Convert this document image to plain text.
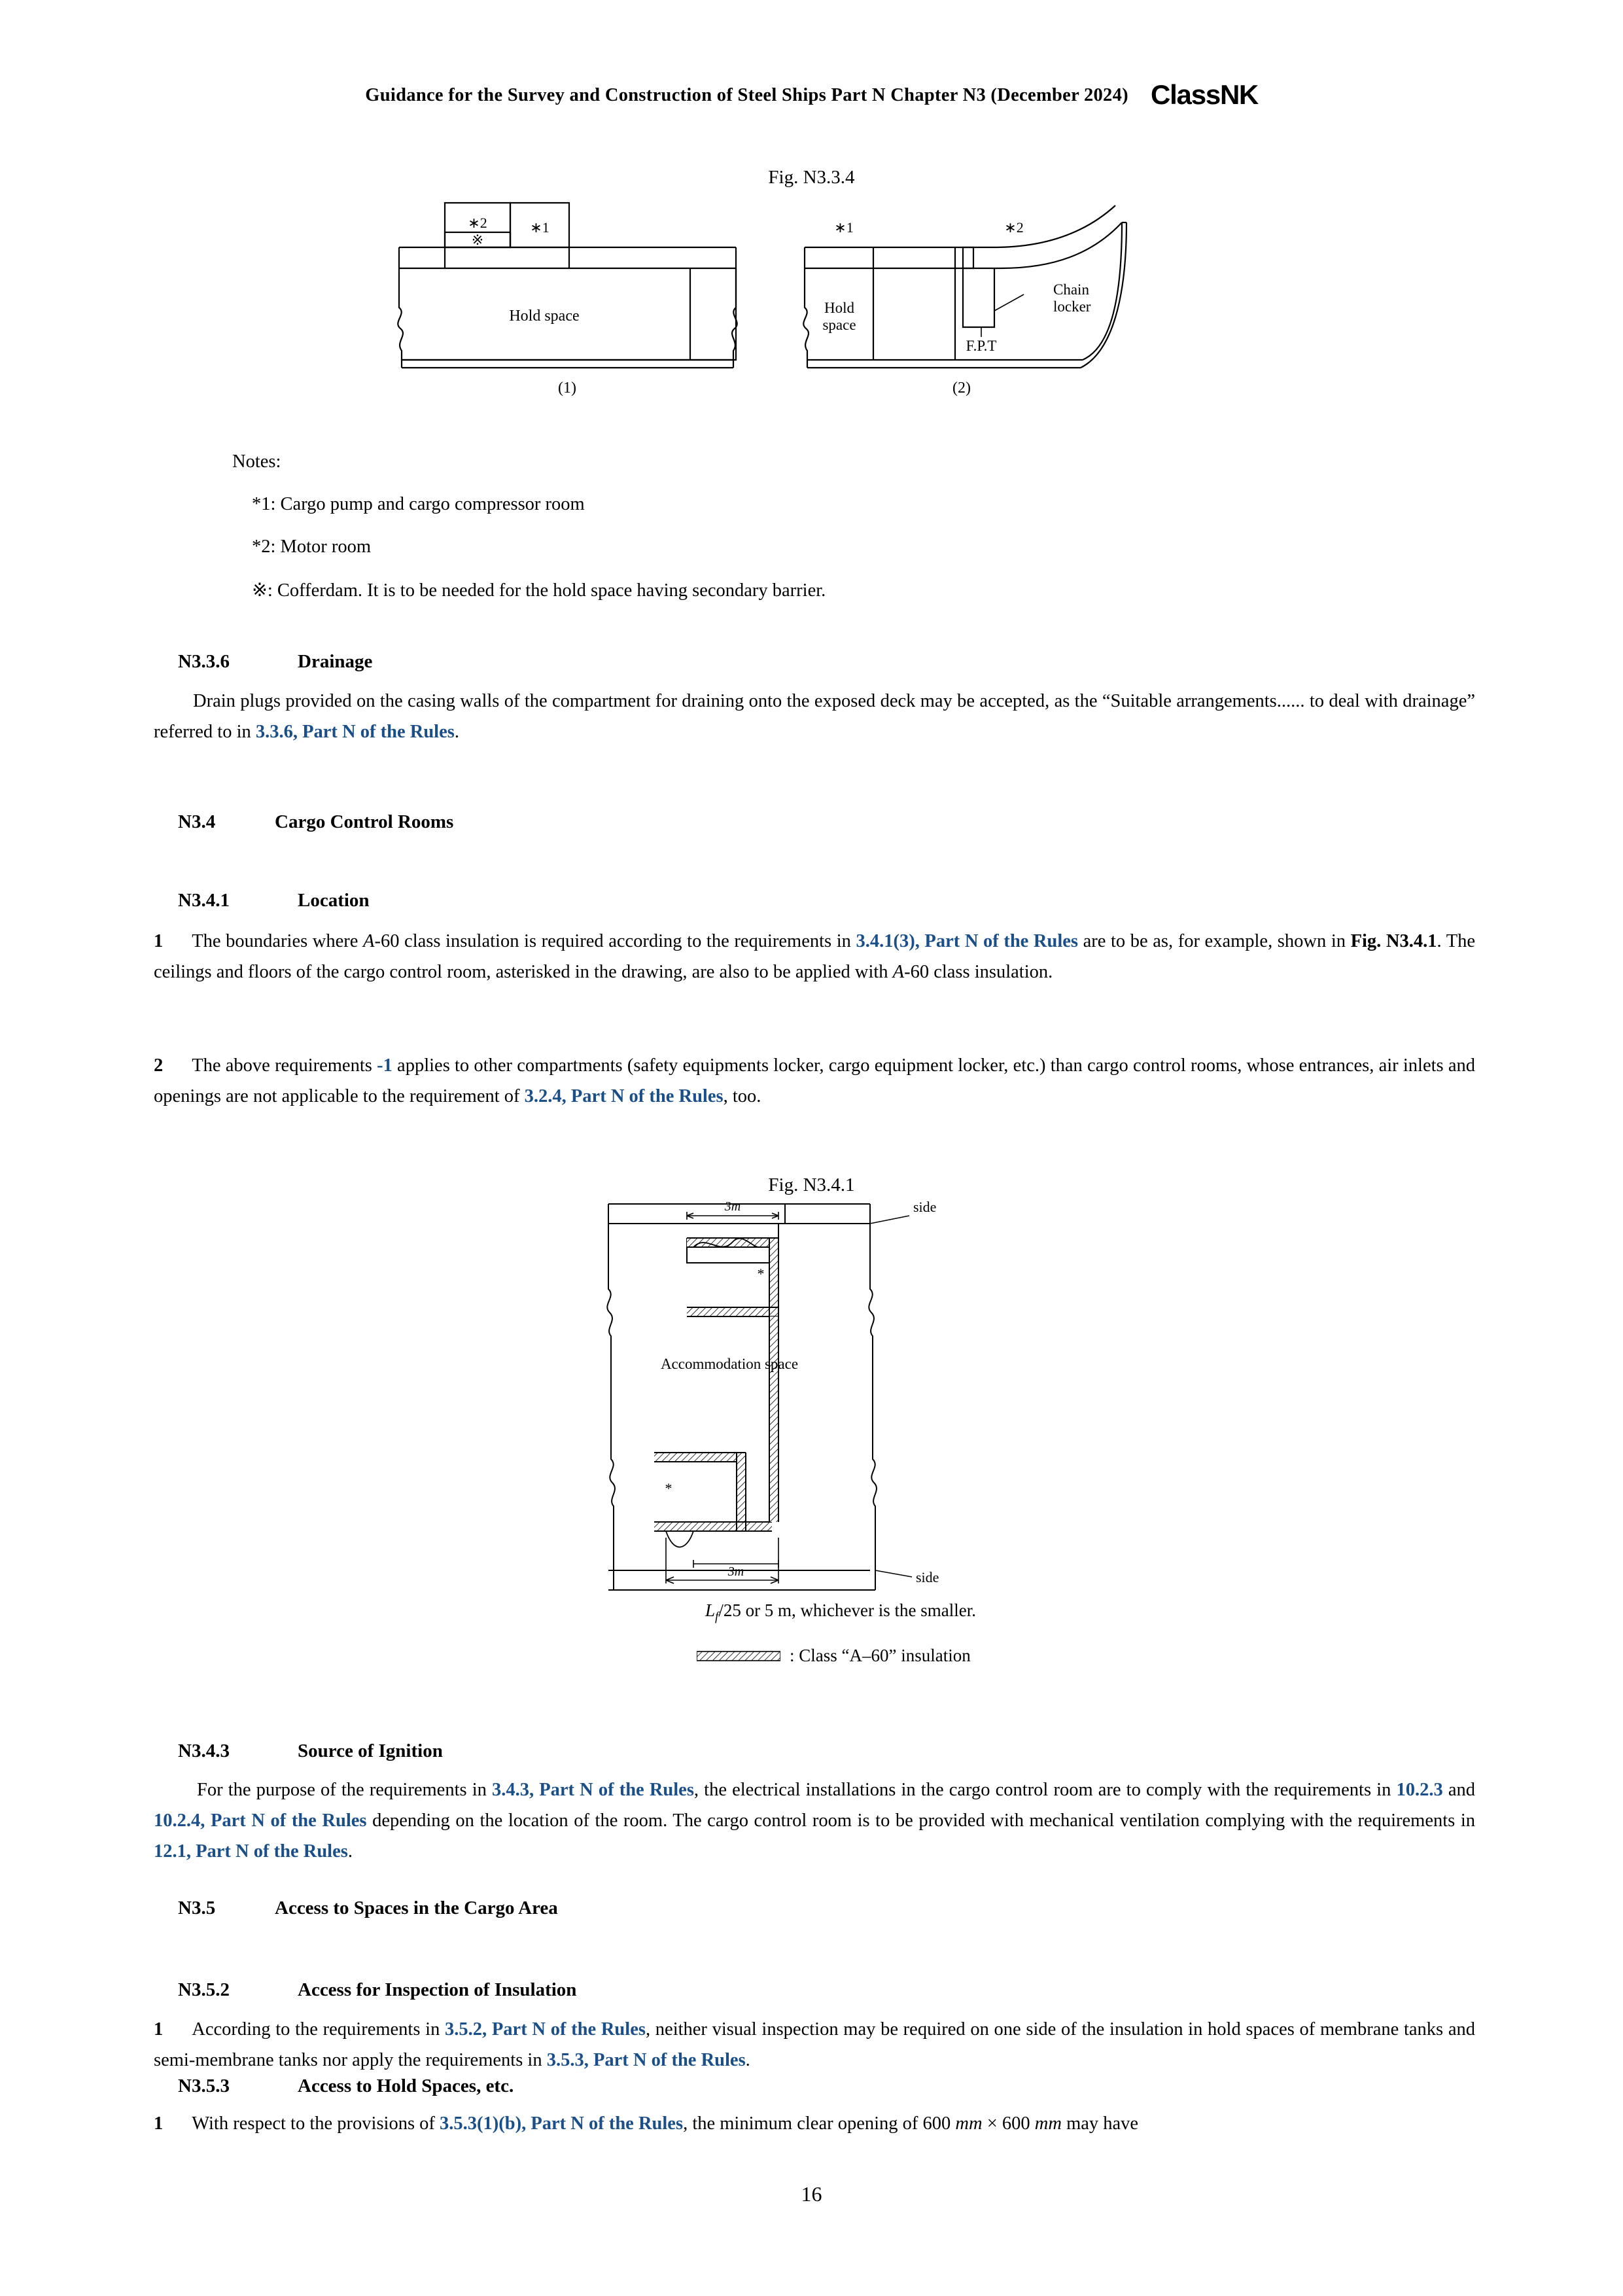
Guidance for the Survey and Construction of Steel Ships Part N Chapter N3 (December 2024) ClassNK
Fig. N3.3.4
∗2	∗1
※
Hold space
(1)
∗1	∗2
Hold
space
Chain
locker
F.P.T
(2)
Notes:
*1: Cargo pump and cargo compressor room
*2: Motor room
※: Cofferdam. It is to be needed for the hold space having secondary barrier.
N3.3.6	Drainage
Drain plugs provided on the casing walls of the compartment for draining onto the exposed deck may be accepted, as the “Suitable arrangements...... to deal with drainage” referred to in 3.3.6, Part N of the Rules.
N3.4	Cargo Control Rooms
N3.4.1	Location
1 The boundaries where A-60 class insulation is required according to the requirements in 3.4.1(3), Part N of the Rules are to be as, for example, shown in Fig. N3.4.1. The ceilings and floors of the cargo control room, asterisked in the drawing, are also to be applied with A-60 class insulation.
2 The above requirements -1 applies to other compartments (safety equipments locker, cargo equipment locker, etc.) than cargo control rooms, whose entrances, air inlets and openings are not applicable to the requirement of 3.2.4, Part N of the Rules, too.
Fig. N3.4.1
3m
3m
*
*
Accommodation space
side
side
$L_f/25$ or 5 m, whichever is the smaller.
: Class “A–60” insulation
N3.4.3	Source of Ignition
For the purpose of the requirements in 3.4.3, Part N of the Rules, the electrical installations in the cargo control room are to comply with the requirements in 10.2.3 and 10.2.4, Part N of the Rules depending on the location of the room. The cargo control room is to be provided with mechanical ventilation complying with the requirements in 12.1, Part N of the Rules.
N3.5	Access to Spaces in the Cargo Area
N3.5.2	Access for Inspection of Insulation
1 According to the requirements in 3.5.2, Part N of the Rules, neither visual inspection may be required on one side of the insulation in hold spaces of membrane tanks and semi-membrane tanks nor apply the requirements in 3.5.3, Part N of the Rules.
N3.5.3	Access to Hold Spaces, etc.
1 With respect to the provisions of 3.5.3(1)(b), Part N of the Rules, the minimum clear opening of 600 mm × 600 mm may have
16
